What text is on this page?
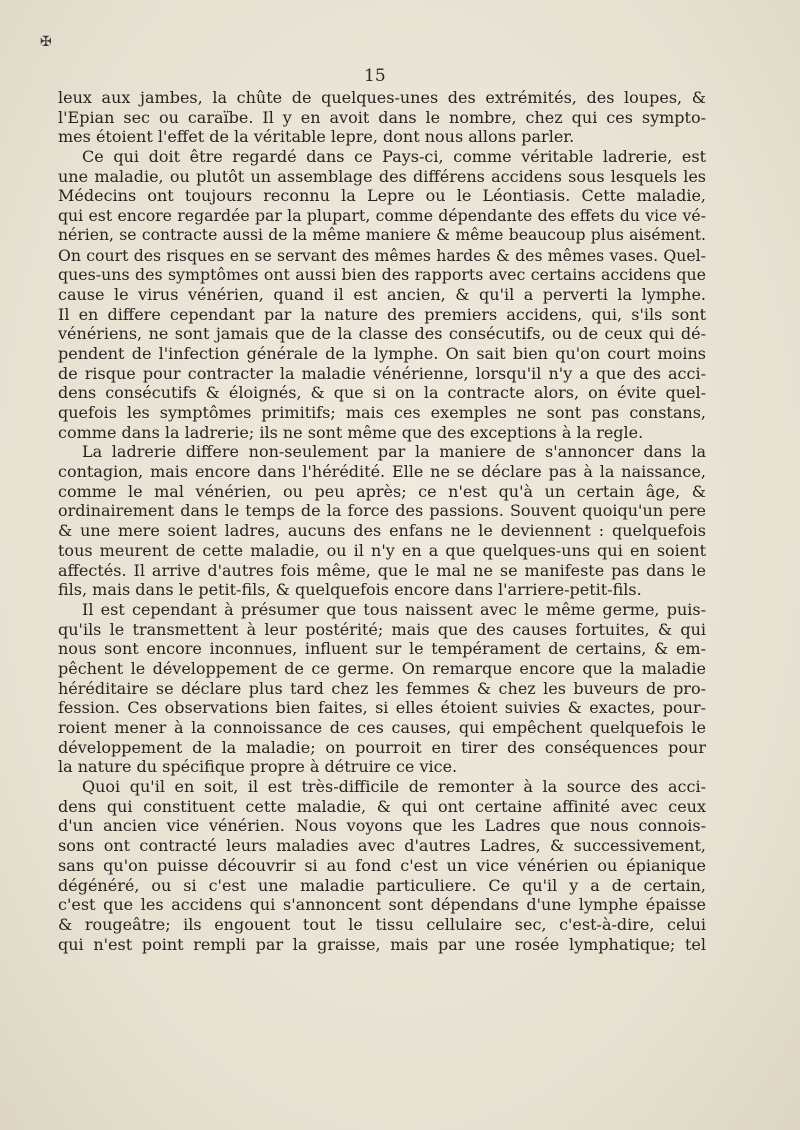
✠
15
leux aux jambes, la chûte de quelques-unes des extrémités, des loupes, &
l'Epian sec ou caraïbe. Il y en avoit dans le nombre, chez qui ces sympto-
mes étoient l'effet de la véritable lepre, dont nous allons parler.
Ce qui doit être regardé dans ce Pays-ci, comme véritable ladrerie, est
une maladie, ou plutôt un assemblage des différens accidens sous lesquels les
Médecins ont toujours reconnu la Lepre ou le Léontiasis. Cette maladie,
qui est encore regardée par la plupart, comme dépendante des effets du vice vé-
nérien, se contracte aussi de la même maniere & même beaucoup plus aisément.
On court des risques en se servant des mêmes hardes & des mêmes vases. Quel-
ques-uns des symptômes ont aussi bien des rapports avec certains accidens que
cause le virus vénérien, quand il est ancien, & qu'il a perverti la lymphe.
Il en differe cependant par la nature des premiers accidens, qui, s'ils sont
vénériens, ne sont jamais que de la classe des consécutifs, ou de ceux qui dé-
pendent de l'infection générale de la lymphe. On sait bien qu'on court moins
de risque pour contracter la maladie vénérienne, lorsqu'il n'y a que des acci-
dens consécutifs & éloignés, & que si on la contracte alors, on évite quel-
quefois les symptômes primitifs; mais ces exemples ne sont pas constans,
comme dans la ladrerie; ils ne sont même que des exceptions à la regle.
La ladrerie differe non-seulement par la maniere de s'annoncer dans la
contagion, mais encore dans l'hérédité. Elle ne se déclare pas à la naissance,
comme le mal vénérien, ou peu après; ce n'est qu'à un certain âge, &
ordinairement dans le temps de la force des passions. Souvent quoiqu'un pere
& une mere soient ladres, aucuns des enfans ne le deviennent : quelquefois
tous meurent de cette maladie, ou il n'y en a que quelques-uns qui en soient
affectés. Il arrive d'autres fois même, que le mal ne se manifeste pas dans le
fils, mais dans le petit-fils, & quelquefois encore dans l'arriere-petit-fils.
Il est cependant à présumer que tous naissent avec le même germe, puis-
qu'ils le transmettent à leur postérité; mais que des causes fortuites, & qui
nous sont encore inconnues, influent sur le tempérament de certains, & em-
pêchent le développement de ce germe. On remarque encore que la maladie
héréditaire se déclare plus tard chez les femmes & chez les buveurs de pro-
fession. Ces observations bien faites, si elles étoient suivies & exactes, pour-
roient mener à la connoissance de ces causes, qui empêchent quelquefois le
développement de la maladie; on pourroit en tirer des conséquences pour
la nature du spécifique propre à détruire ce vice.
Quoi qu'il en soit, il est très-difficile de remonter à la source des acci-
dens qui constituent cette maladie, & qui ont certaine affinité avec ceux
d'un ancien vice vénérien. Nous voyons que les Ladres que nous connois-
sons ont contracté leurs maladies avec d'autres Ladres, & successivement,
sans qu'on puisse découvrir si au fond c'est un vice vénérien ou épianique
dégénéré, ou si c'est une maladie particuliere. Ce qu'il y a de certain,
c'est que les accidens qui s'annoncent sont dépendans d'une lymphe épaisse
& rougeâtre; ils engouent tout le tissu cellulaire sec, c'est-à-dire, celui
qui n'est point rempli par la graisse, mais par une rosée lymphatique; tel
